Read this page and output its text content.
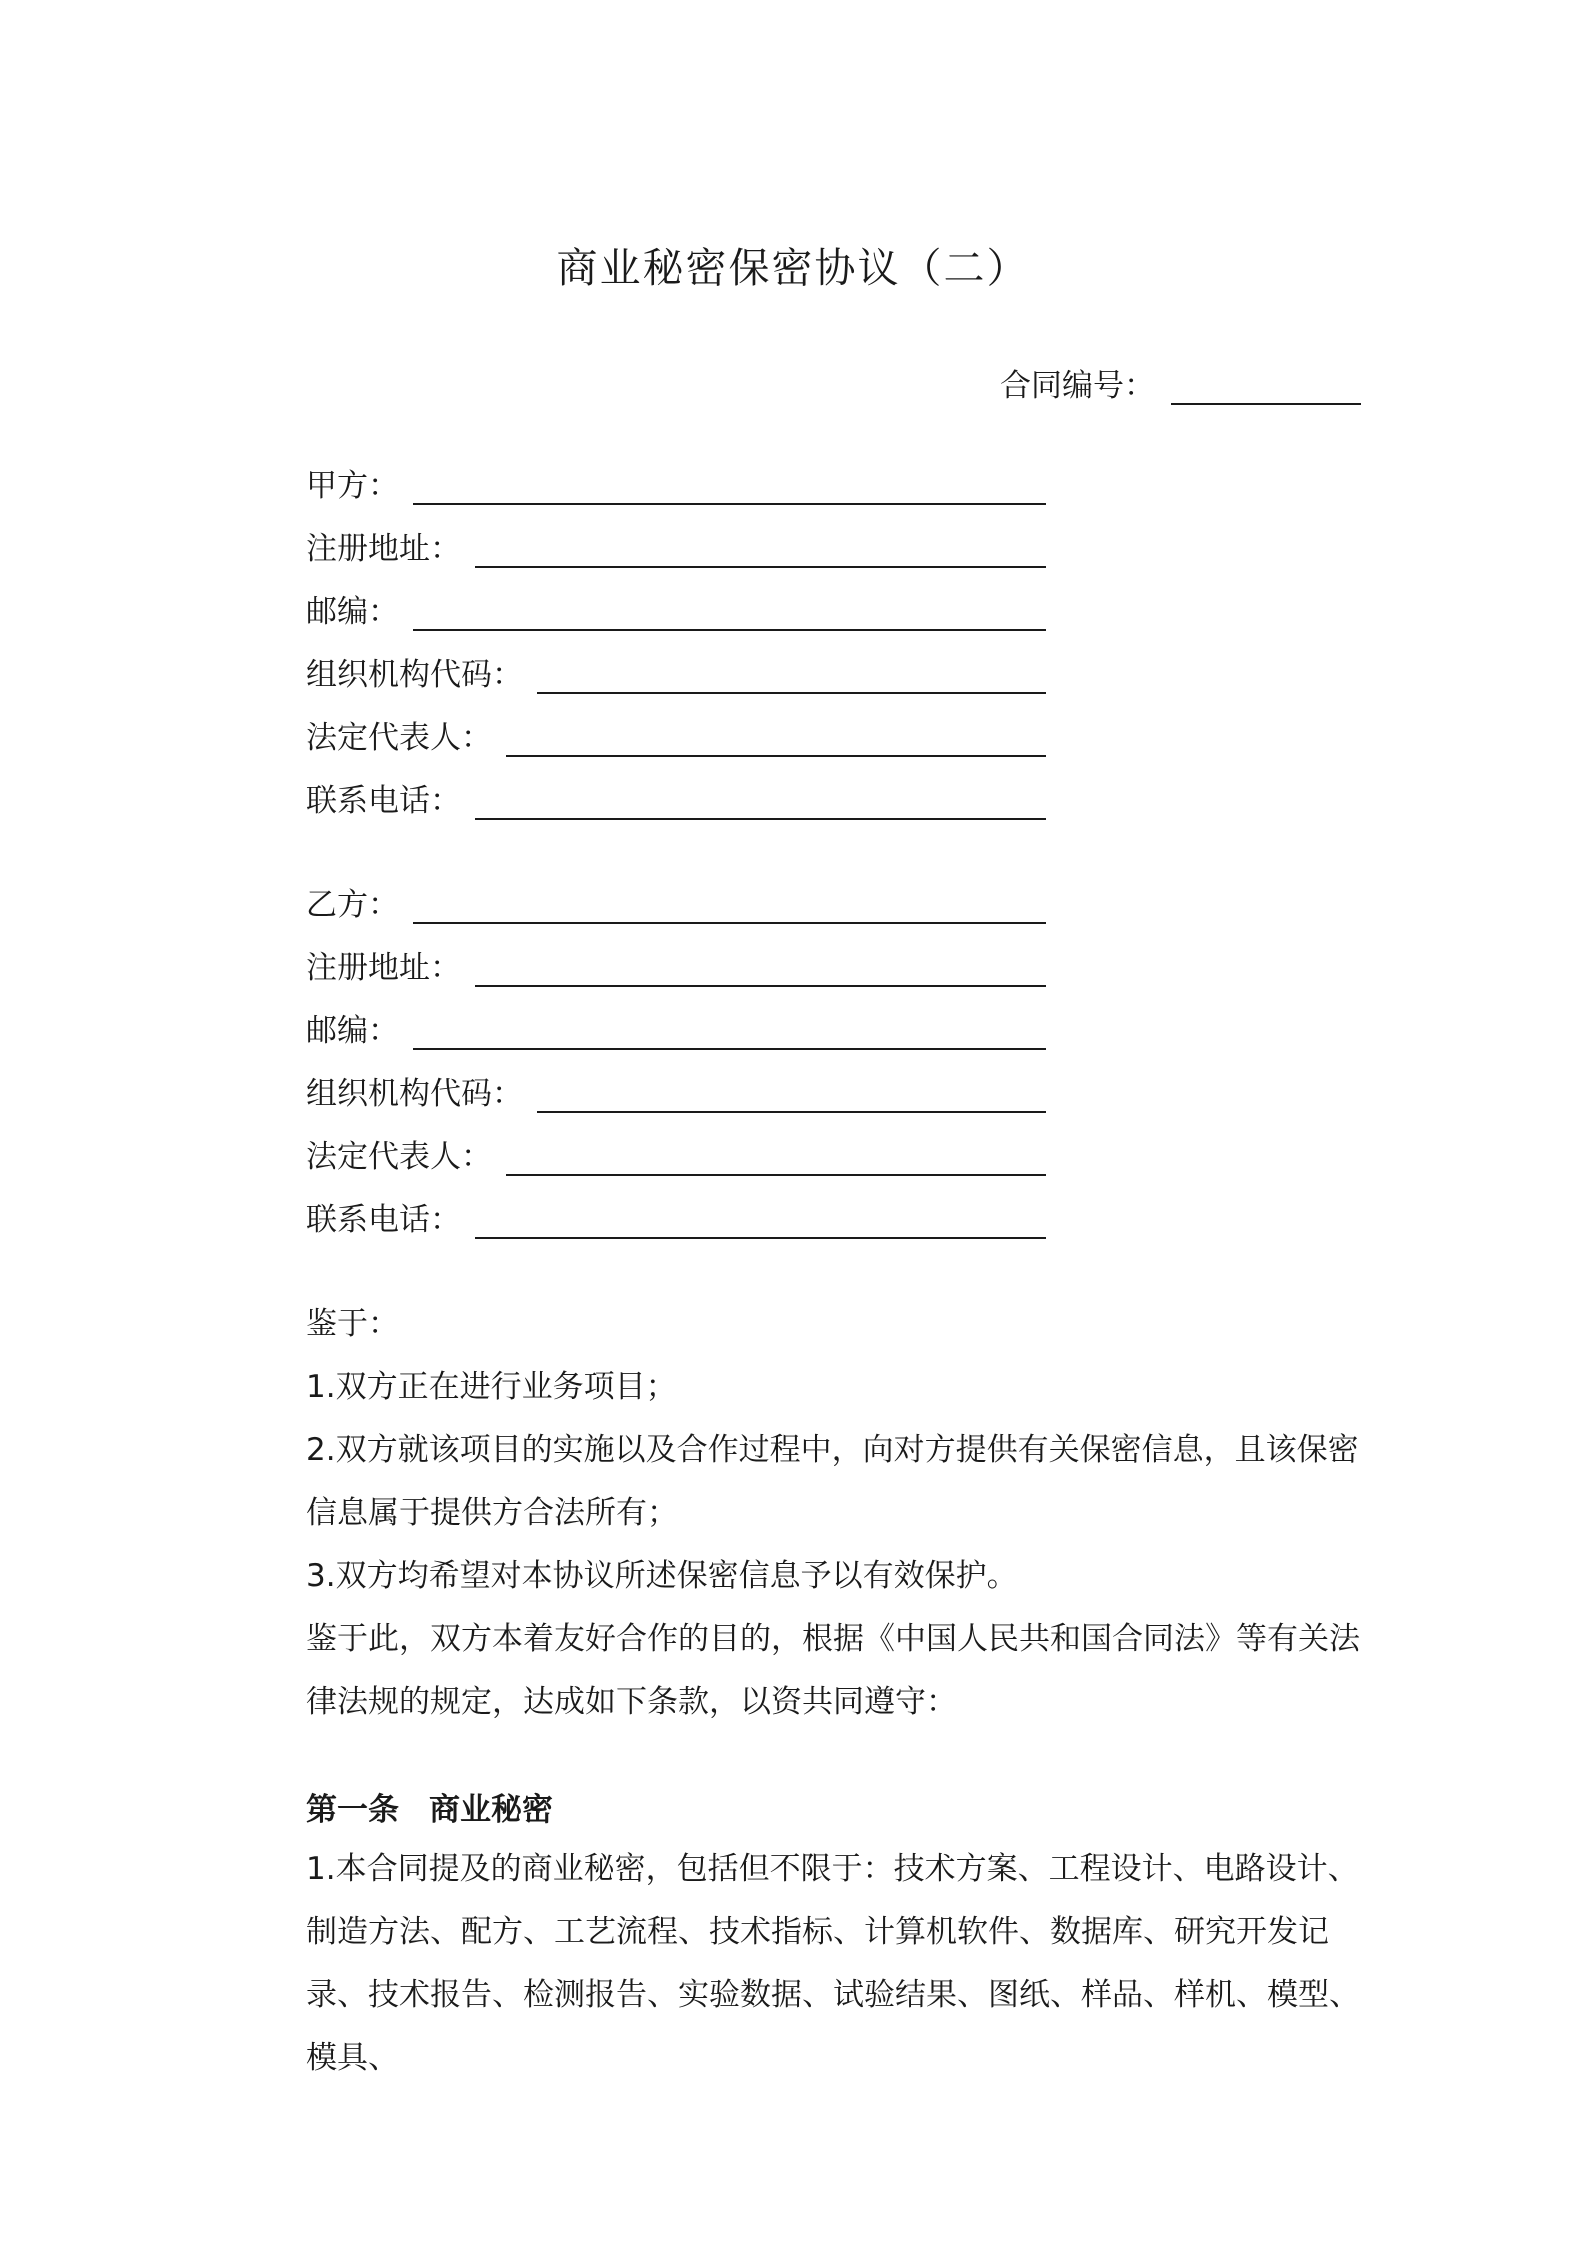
商业秘密保密协议（二）
合同编号：
甲方：
注册地址：
邮编：
组织机构代码：
法定代表人：
联系电话：
乙方：
注册地址：
邮编：
组织机构代码：
法定代表人：
联系电话：
鉴于：
1.双方正在进行业务项目；
2.双方就该项目的实施以及合作过程中，向对方提供有关保密信息，且该保密信息属于提供方合法所有；
3.双方均希望对本协议所述保密信息予以有效保护。
鉴于此，双方本着友好合作的目的，根据《中国人民共和国合同法》等有关法律法规的规定，达成如下条款，以资共同遵守：
第一条 商业秘密
1.本合同提及的商业秘密，包括但不限于：技术方案、工程设计、电路设计、制造方法、配方、工艺流程、技术指标、计算机软件、数据库、研究开发记录、技术报告、检测报告、实验数据、试验结果、图纸、样品、样机、模型、模具、
